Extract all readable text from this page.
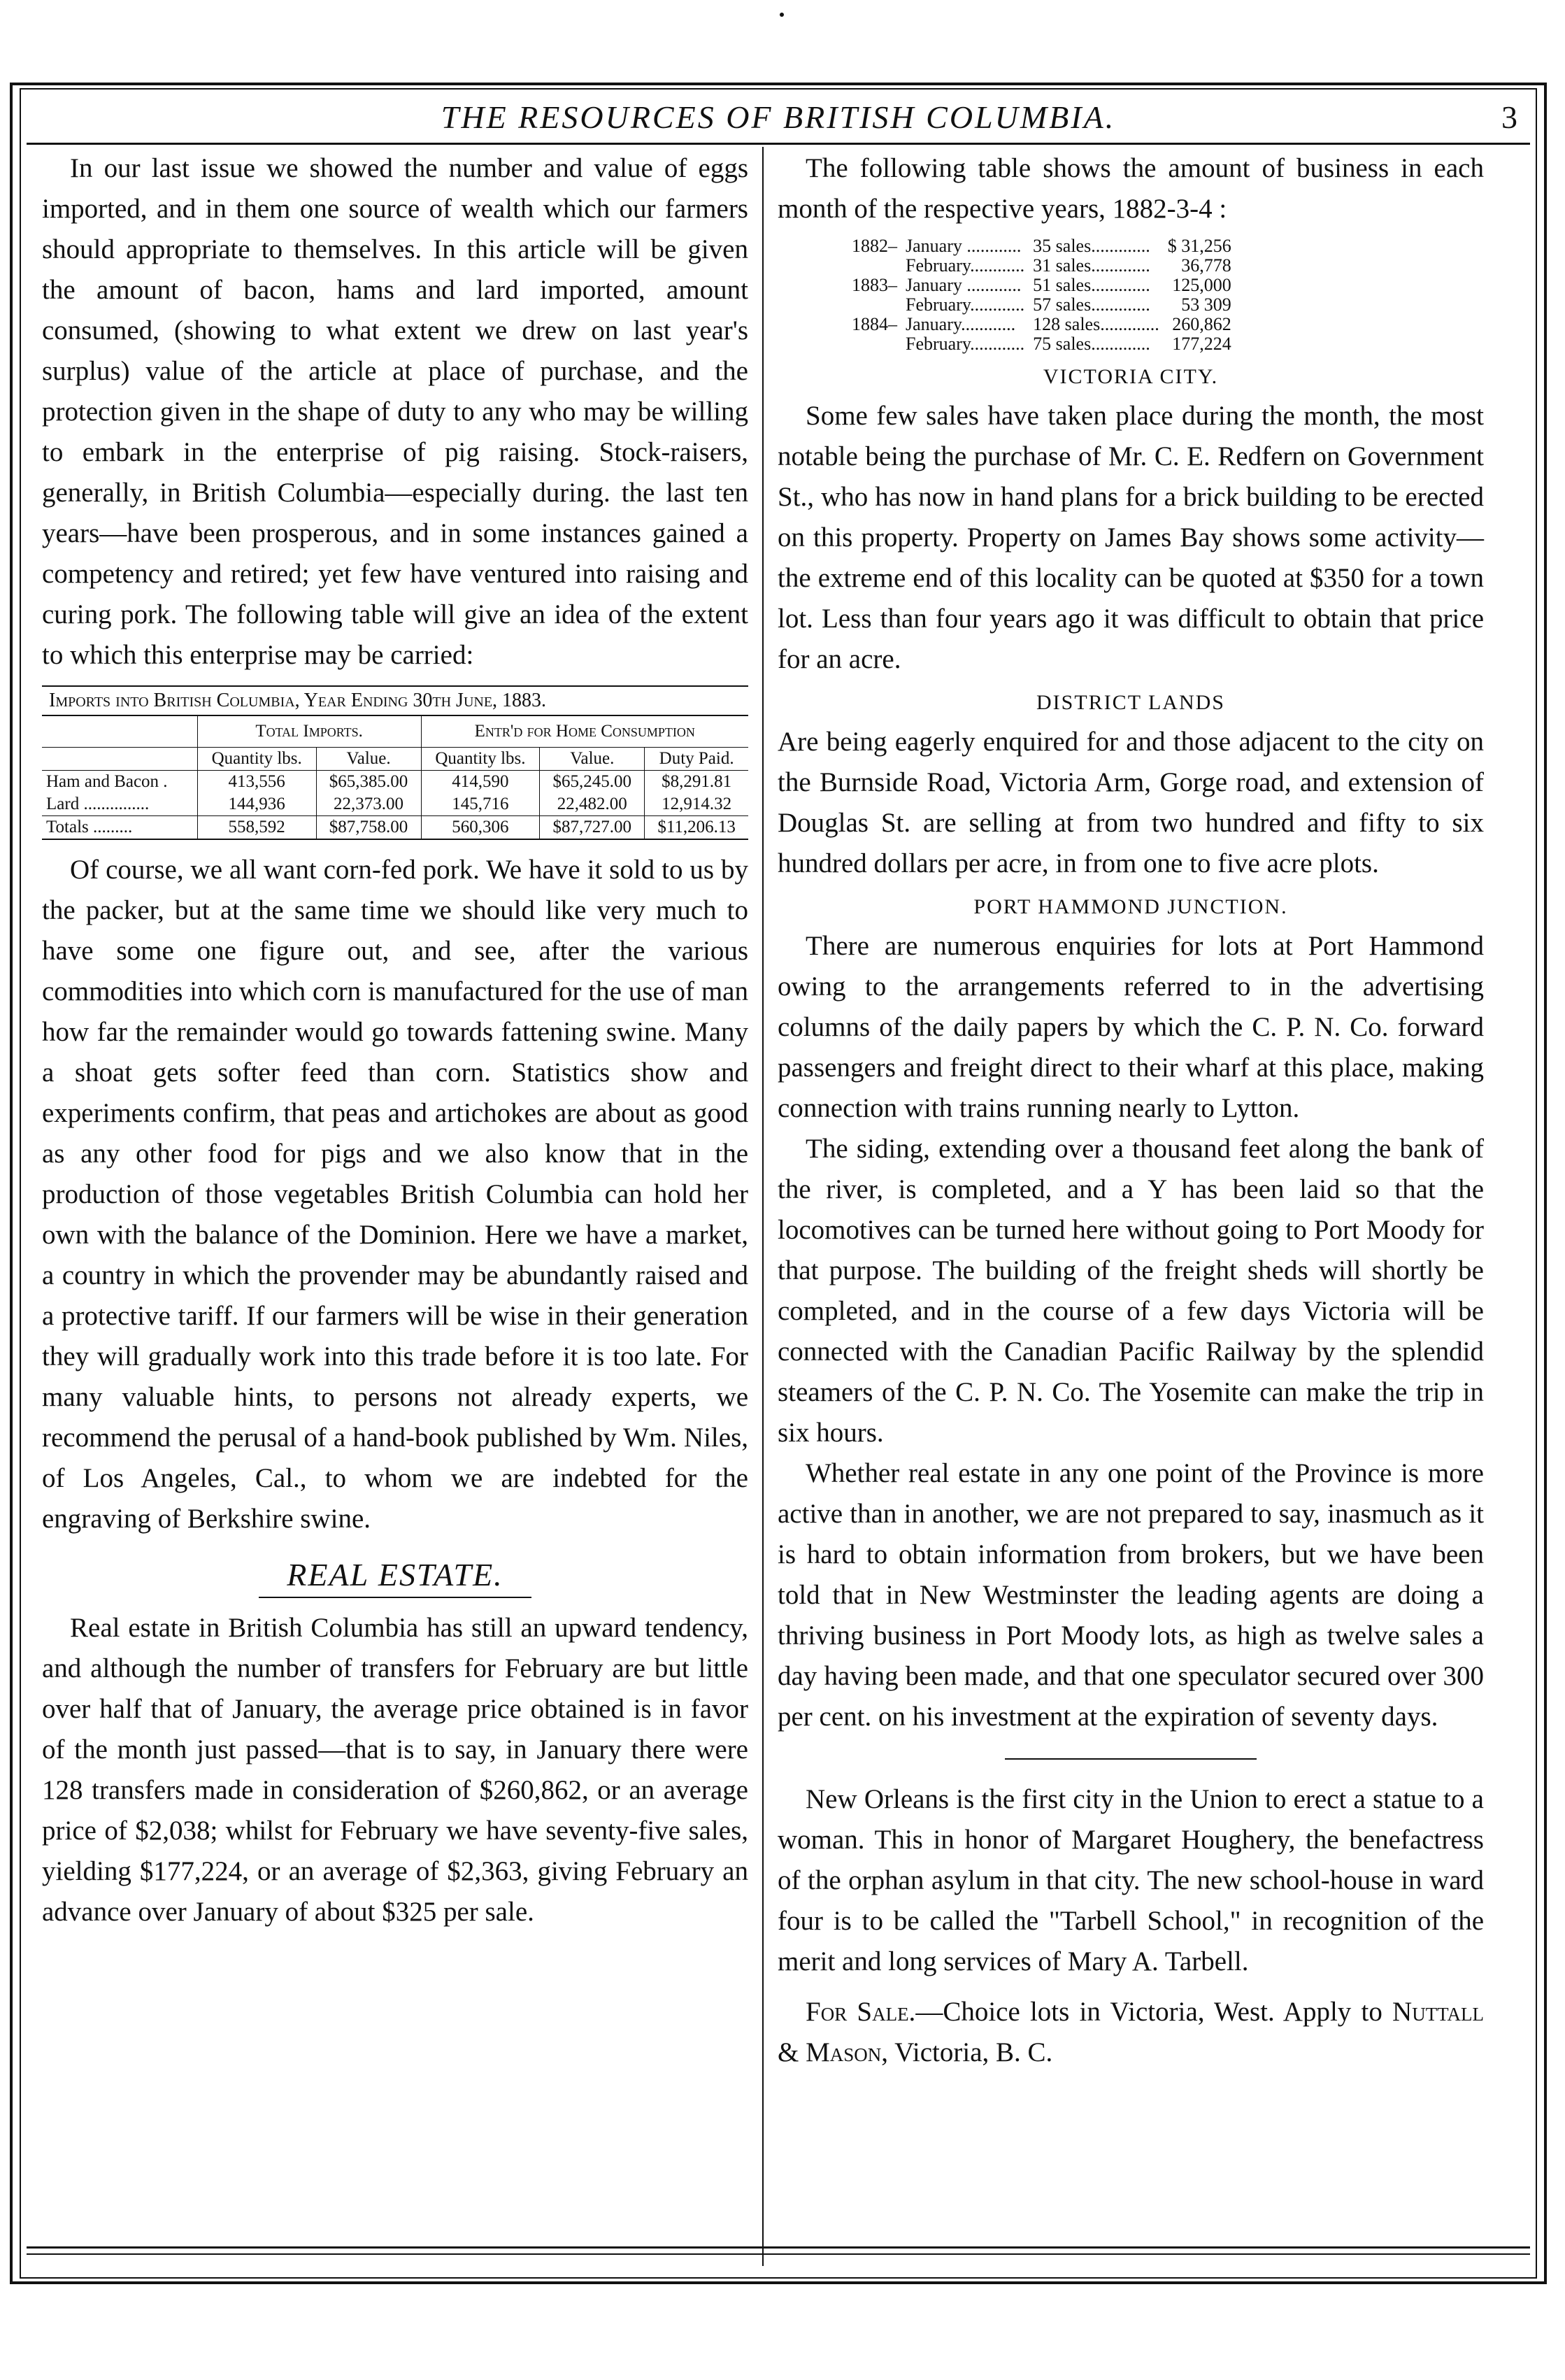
THE RESOURCES OF BRITISH COLUMBIA.	3

In our last issue we showed the number and value of eggs imported, and in them one source of wealth which our farmers should appropriate to themselves. In this article will be given the amount of bacon, hams and lard imported, amount consumed, (showing to what extent we drew on last year's surplus) value of the article at place of purchase, and the protection given in the shape of duty to any who may be willing to embark in the enterprise of pig raising. Stock-raisers, generally, in British Columbia—especially during. the last ten years—have been prosperous, and in some instances gained a competency and retired; yet few have ventured into raising and curing pork. The following table will give an idea of the extent to which this enterprise may be carried:

Imports into British Columbia, Year Ending 30th June, 1883.
	Total Imports.		Entr'd for Home Consumption		
	Quantity lbs.	Value.	Quantity lbs.	Value.	Duty Paid.
Ham and Bacon .	413,556	$65,385.00	414,590	$65,245.00	$8,291.81
Lard ...............	144,936	22,373.00	145,716	22,482.00	12,914.32
Totals .........	558,592	$87,758.00	560,306	$87,727.00	$11,206.13

Of course, we all want corn-fed pork. We have it sold to us by the packer, but at the same time we should like very much to have some one figure out, and see, after the various commodities into which corn is manufactured for the use of man how far the remainder would go towards fattening swine. Many a shoat gets softer feed than corn. Statistics show and experiments confirm, that peas and artichokes are about as good as any other food for pigs and we also know that in the production of those vegetables British Columbia can hold her own with the balance of the Dominion. Here we have a market, a country in which the provender may be abundantly raised and a protective tariff. If our farmers will be wise in their generation they will gradually work into this trade before it is too late. For many valuable hints, to persons not already experts, we recommend the perusal of a hand-book published by Wm. Niles, of Los Angeles, Cal., to whom we are indebted for the engraving of Berkshire swine.

REAL ESTATE.

Real estate in British Columbia has still an upward tendency, and although the number of transfers for February are but little over half that of January, the average price obtained is in favor of the month just passed—that is to say, in January there were 128 transfers made in consideration of $260,862, or an average price of $2,038; whilst for February we have seventy-five sales, yielding $177,224, or an average of $2,363, giving February an advance over January of about $325 per sale.

The following table shows the amount of business in each month of the respective years, 1882-3-4 :

1882–	January ............	35 sales.............	$ 31,256
	February............	31 sales.............	36,778
1883–	January ............	51 sales.............	125,000
	February............	57 sales.............	53 309
1884–	January............	128 sales.............	260,862
	February............	75 sales.............	177,224
VICTORIA CITY.

Some few sales have taken place during the month, the most notable being the purchase of Mr. C. E. Redfern on Government St., who has now in hand plans for a brick building to be erected on this property. Property on James Bay shows some activity—the extreme end of this locality can be quoted at $350 for a town lot. Less than four years ago it was difficult to obtain that price for an acre.

DISTRICT LANDS

Are being eagerly enquired for and those adjacent to the city on the Burnside Road, Victoria Arm, Gorge road, and extension of Douglas St. are selling at from two hundred and fifty to six hundred dollars per acre, in from one to five acre plots.

PORT HAMMOND JUNCTION.

There are numerous enquiries for lots at Port Hammond owing to the arrangements referred to in the advertising columns of the daily papers by which the C. P. N. Co. forward passengers and freight direct to their wharf at this place, making connection with trains running nearly to Lytton.

The siding, extending over a thousand feet along the bank of the river, is completed, and a Y has been laid so that the locomotives can be turned here without going to Port Moody for that purpose. The building of the freight sheds will shortly be completed, and in the course of a few days Victoria will be connected with the Canadian Pacific Railway by the splendid steamers of the C. P. N. Co. The Yosemite can make the trip in six hours.

Whether real estate in any one point of the Province is more active than in another, we are not prepared to say, inasmuch as it is hard to obtain information from brokers, but we have been told that in New Westminster the leading agents are doing a thriving business in Port Moody lots, as high as twelve sales a day having been made, and that one speculator secured over 300 per cent. on his investment at the expiration of seventy days.

New Orleans is the first city in the Union to erect a statue to a woman. This in honor of Margaret Houghery, the benefactress of the orphan asylum in that city. The new school-house in ward four is to be called the "Tarbell School," in recognition of the merit and long services of Mary A. Tarbell.

For Sale.—Choice lots in Victoria, West. Apply to Nuttall & Mason, Victoria, B. C.
